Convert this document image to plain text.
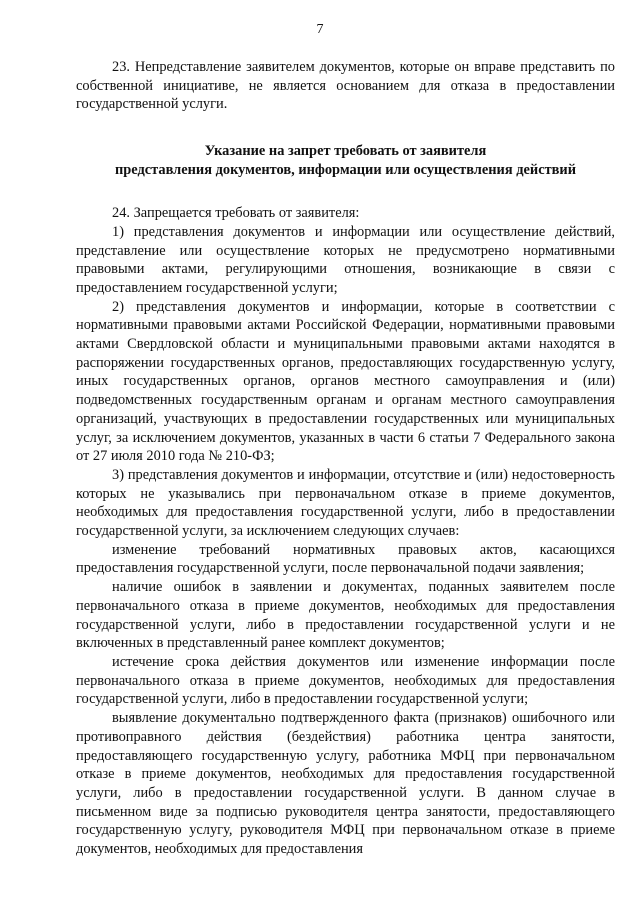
7

23. Непредставление заявителем документов, которые он вправе представить по собственной инициативе, не является основанием для отказа в предоставлении государственной услуги.

Указание на запрет требовать от заявителя
представления документов, информации или осуществления действий

24. Запрещается требовать от заявителя:

1) представления документов и информации или осуществление действий, представление или осуществление которых не предусмотрено нормативными правовыми актами, регулирующими отношения, возникающие в связи с предоставлением государственной услуги;

2) представления документов и информации, которые в соответствии с нормативными правовыми актами Российской Федерации, нормативными правовыми актами Свердловской области и муниципальными правовыми актами находятся в распоряжении государственных органов, предоставляющих государственную услугу, иных государственных органов, органов местного самоуправления и (или) подведомственных государственным органам и органам местного самоуправления организаций, участвующих в предоставлении государственных или муниципальных услуг, за исключением документов, указанных в части 6 статьи 7 Федерального закона от 27 июля 2010 года № 210-ФЗ;

3) представления документов и информации, отсутствие и (или) недостоверность которых не указывались при первоначальном отказе в приеме документов, необходимых для предоставления государственной услуги, либо в предоставлении государственной услуги, за исключением следующих случаев:

изменение требований нормативных правовых актов, касающихся предоставления государственной услуги, после первоначальной подачи заявления;

наличие ошибок в заявлении и документах, поданных заявителем после первоначального отказа в приеме документов, необходимых для предоставления государственной услуги, либо в предоставлении государственной услуги и не включенных в представленный ранее комплект документов;

истечение срока действия документов или изменение информации после первоначального отказа в приеме документов, необходимых для предоставления государственной услуги, либо в предоставлении государственной услуги;

выявление документально подтвержденного факта (признаков) ошибочного или противоправного действия (бездействия) работника центра занятости, предоставляющего государственную услугу, работника МФЦ при первоначальном отказе в приеме документов, необходимых для предоставления государственной услуги, либо в предоставлении государственной услуги. В данном случае в письменном виде за подписью руководителя центра занятости, предоставляющего государственную услугу, руководителя МФЦ при первоначальном отказе в приеме документов, необходимых для предоставления
